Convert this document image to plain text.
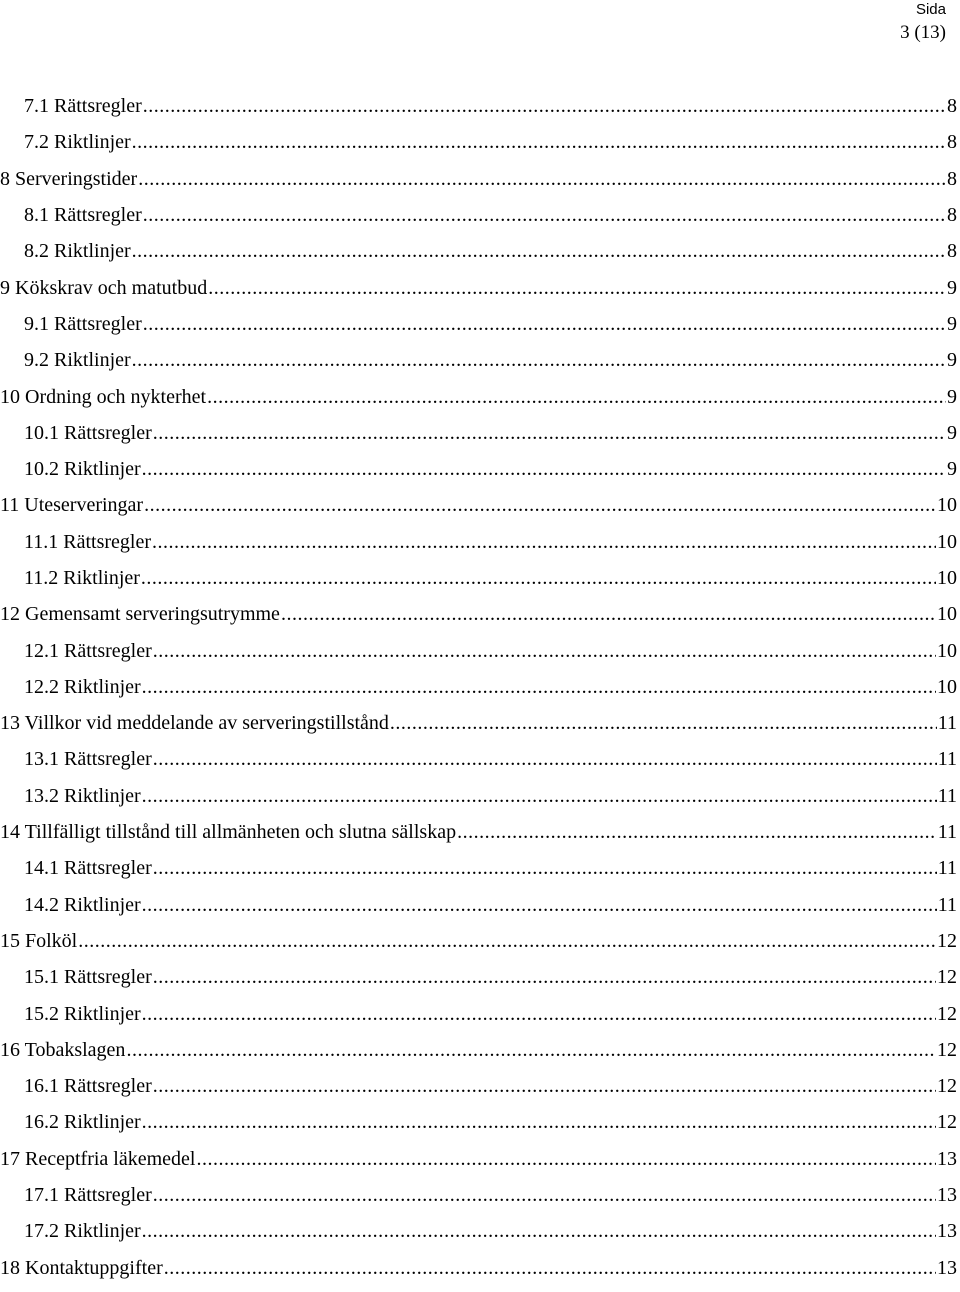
Sida
3 (13)
7.1 Rättsregler .....	8
7.2 Riktlinjer .....	8
8 Serveringstider .....	8
8.1 Rättsregler .....	8
8.2 Riktlinjer .....	8
9 Kökskrav och matutbud .....	9
9.1 Rättsregler .....	9
9.2 Riktlinjer .....	9
10 Ordning och nykterhet .....	9
10.1 Rättsregler .....	9
10.2 Riktlinjer .....	9
11 Uteserveringar .....	10
11.1 Rättsregler .....	10
11.2 Riktlinjer .....	10
12 Gemensamt serveringsutrymme .....	10
12.1 Rättsregler .....	10
12.2 Riktlinjer .....	10
13 Villkor vid meddelande av serveringstillstånd .....	11
13.1 Rättsregler .....	11
13.2 Riktlinjer .....	11
14 Tillfälligt tillstånd till allmänheten och slutna sällskap .....	11
14.1 Rättsregler .....	11
14.2 Riktlinjer .....	11
15 Folköl .....	12
15.1 Rättsregler .....	12
15.2 Riktlinjer .....	12
16 Tobakslagen .....	12
16.1 Rättsregler .....	12
16.2 Riktlinjer .....	12
17 Receptfria läkemedel .....	13
17.1 Rättsregler .....	13
17.2 Riktlinjer .....	13
18 Kontaktuppgifter .....	13
